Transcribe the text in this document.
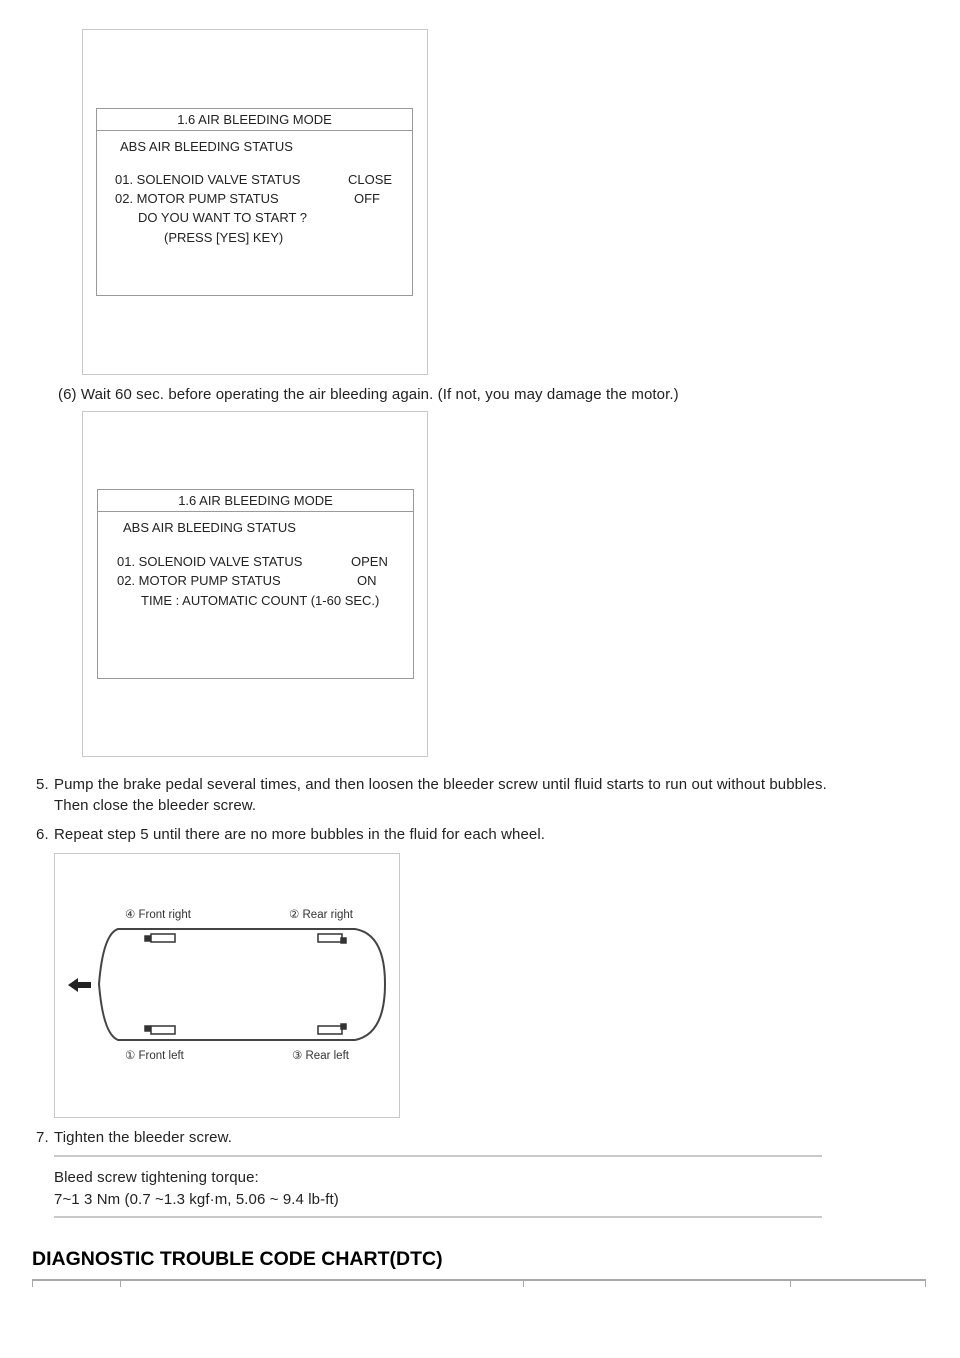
1.6 AIR BLEEDING MODE
ABS AIR BLEEDING STATUS
01. SOLENOID VALVE STATUS	CLOSE
02. MOTOR PUMP STATUS	OFF
DO YOU WANT TO START ?
(PRESS [YES] KEY)
(6) Wait 60 sec. before operating the air bleeding again. (If not, you may damage the motor.)
1.6 AIR BLEEDING MODE
ABS AIR BLEEDING STATUS
01. SOLENOID VALVE STATUS	OPEN
02. MOTOR PUMP STATUS	ON
TIME : AUTOMATIC COUNT (1-60 SEC.)
5. Pump the brake pedal several times, and then loosen the bleeder screw until fluid starts to run out without bubbles.
Then close the bleeder screw.
6. Repeat step 5 until there are no more bubbles in the fluid for each wheel.
④ Front right	② Rear right
① Front left	③ Rear left
7. Tighten the bleeder screw.
Bleed screw tightening torque:
7~1 3 Nm (0.7 ~1.3 kgf·m, 5.06 ~ 9.4 lb-ft)
DIAGNOSTIC TROUBLE CODE CHART(DTC)
